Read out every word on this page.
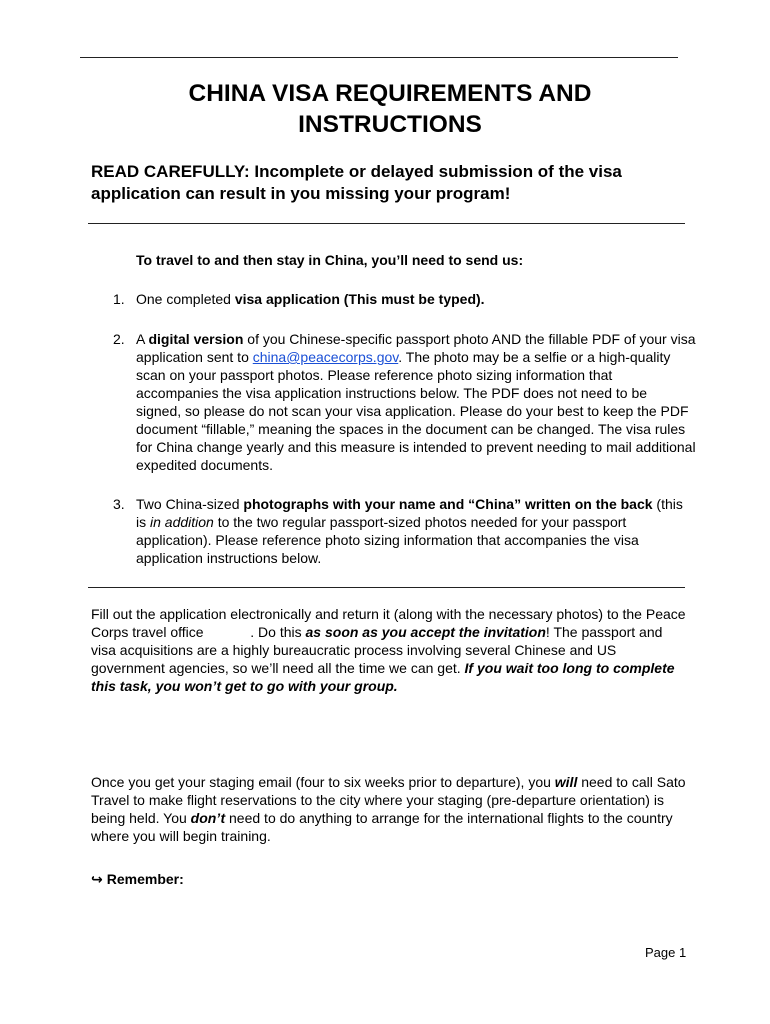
CHINA VISA REQUIREMENTS AND
INSTRUCTIONS
READ CAREFULLY: Incomplete or delayed submission of the visa application can result in you missing your program!
To travel to and then stay in China, you’ll need to send us:
1. One completed visa application (This must be typed).
2. A digital version of you Chinese-specific passport photo AND the fillable PDF of your visa application sent to china@peacecorps.gov. The photo may be a selfie or a high-quality scan on your passport photos. Please reference photo sizing information that accompanies the visa application instructions below. The PDF does not need to be signed, so please do not scan your visa application. Please do your best to keep the PDF document “fillable,” meaning the spaces in the document can be changed. The visa rules for China change yearly and this measure is intended to prevent needing to mail additional expedited documents.
3. Two China-sized photographs with your name and “China” written on the back (this is in addition to the two regular passport-sized photos needed for your passport application). Please reference photo sizing information that accompanies the visa application instructions below.
Fill out the application electronically and return it (along with the necessary photos) to the Peace Corps travel office	. Do this as soon as you accept the invitation! The passport and visa acquisitions are a highly bureaucratic process involving several Chinese and US government agencies, so we’ll need all the time we can get. If you wait too long to complete this task, you won’t get to go with your group.
Once you get your staging email (four to six weeks prior to departure), you will need to call Sato Travel to make flight reservations to the city where your staging (pre-departure orientation) is being held. You don’t need to do anything to arrange for the international flights to the country where you will begin training.
↪ Remember:
Page 1
